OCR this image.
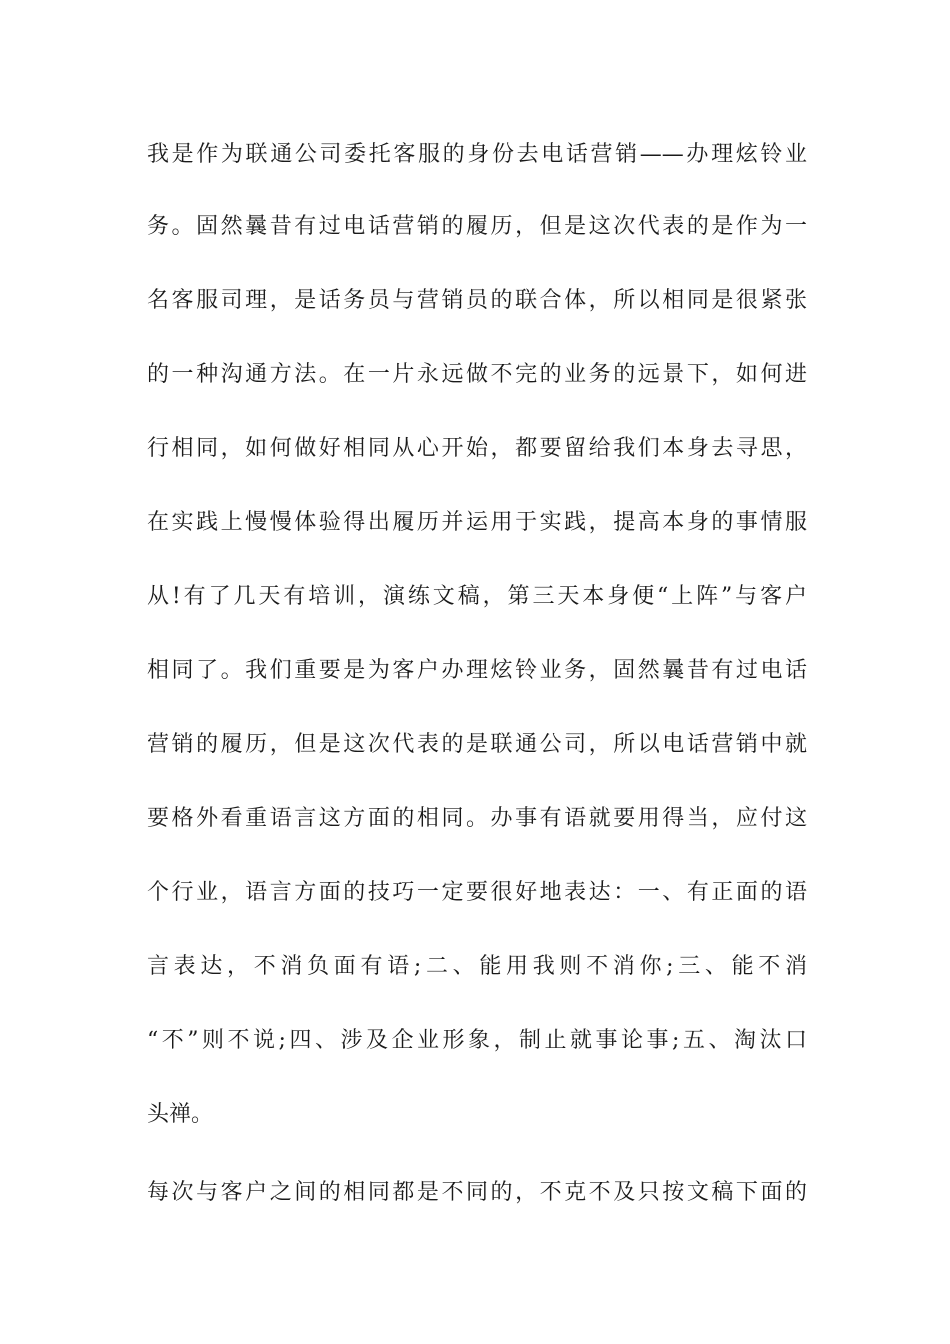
我是作为联通公司委托客服的身份去电话营销——办理炫铃业
务。固然曩昔有过电话营销的履历，但是这次代表的是作为一
名客服司理，是话务员与营销员的联合体，所以相同是很紧张
的一种沟通方法。在一片永远做不完的业务的远景下，如何进
行相同，如何做好相同从心开始，都要留给我们本身去寻思，
在实践上慢慢体验得出履历并运用于实践，提高本身的事情服
从!有了几天有培训，演练文稿，第三天本身便“上阵”与客户
相同了。我们重要是为客户办理炫铃业务，固然曩昔有过电话
营销的履历，但是这次代表的是联通公司，所以电话营销中就
要格外看重语言这方面的相同。办事有语就要用得当，应付这
个行业，语言方面的技巧一定要很好地表达：一、有正面的语
言表达，不消负面有语;二、能用我则不消你;三、能不消
“不”则不说;四、涉及企业形象，制止就事论事;五、淘汰口
头禅。
每次与客户之间的相同都是不同的，不克不及只按文稿下面的
